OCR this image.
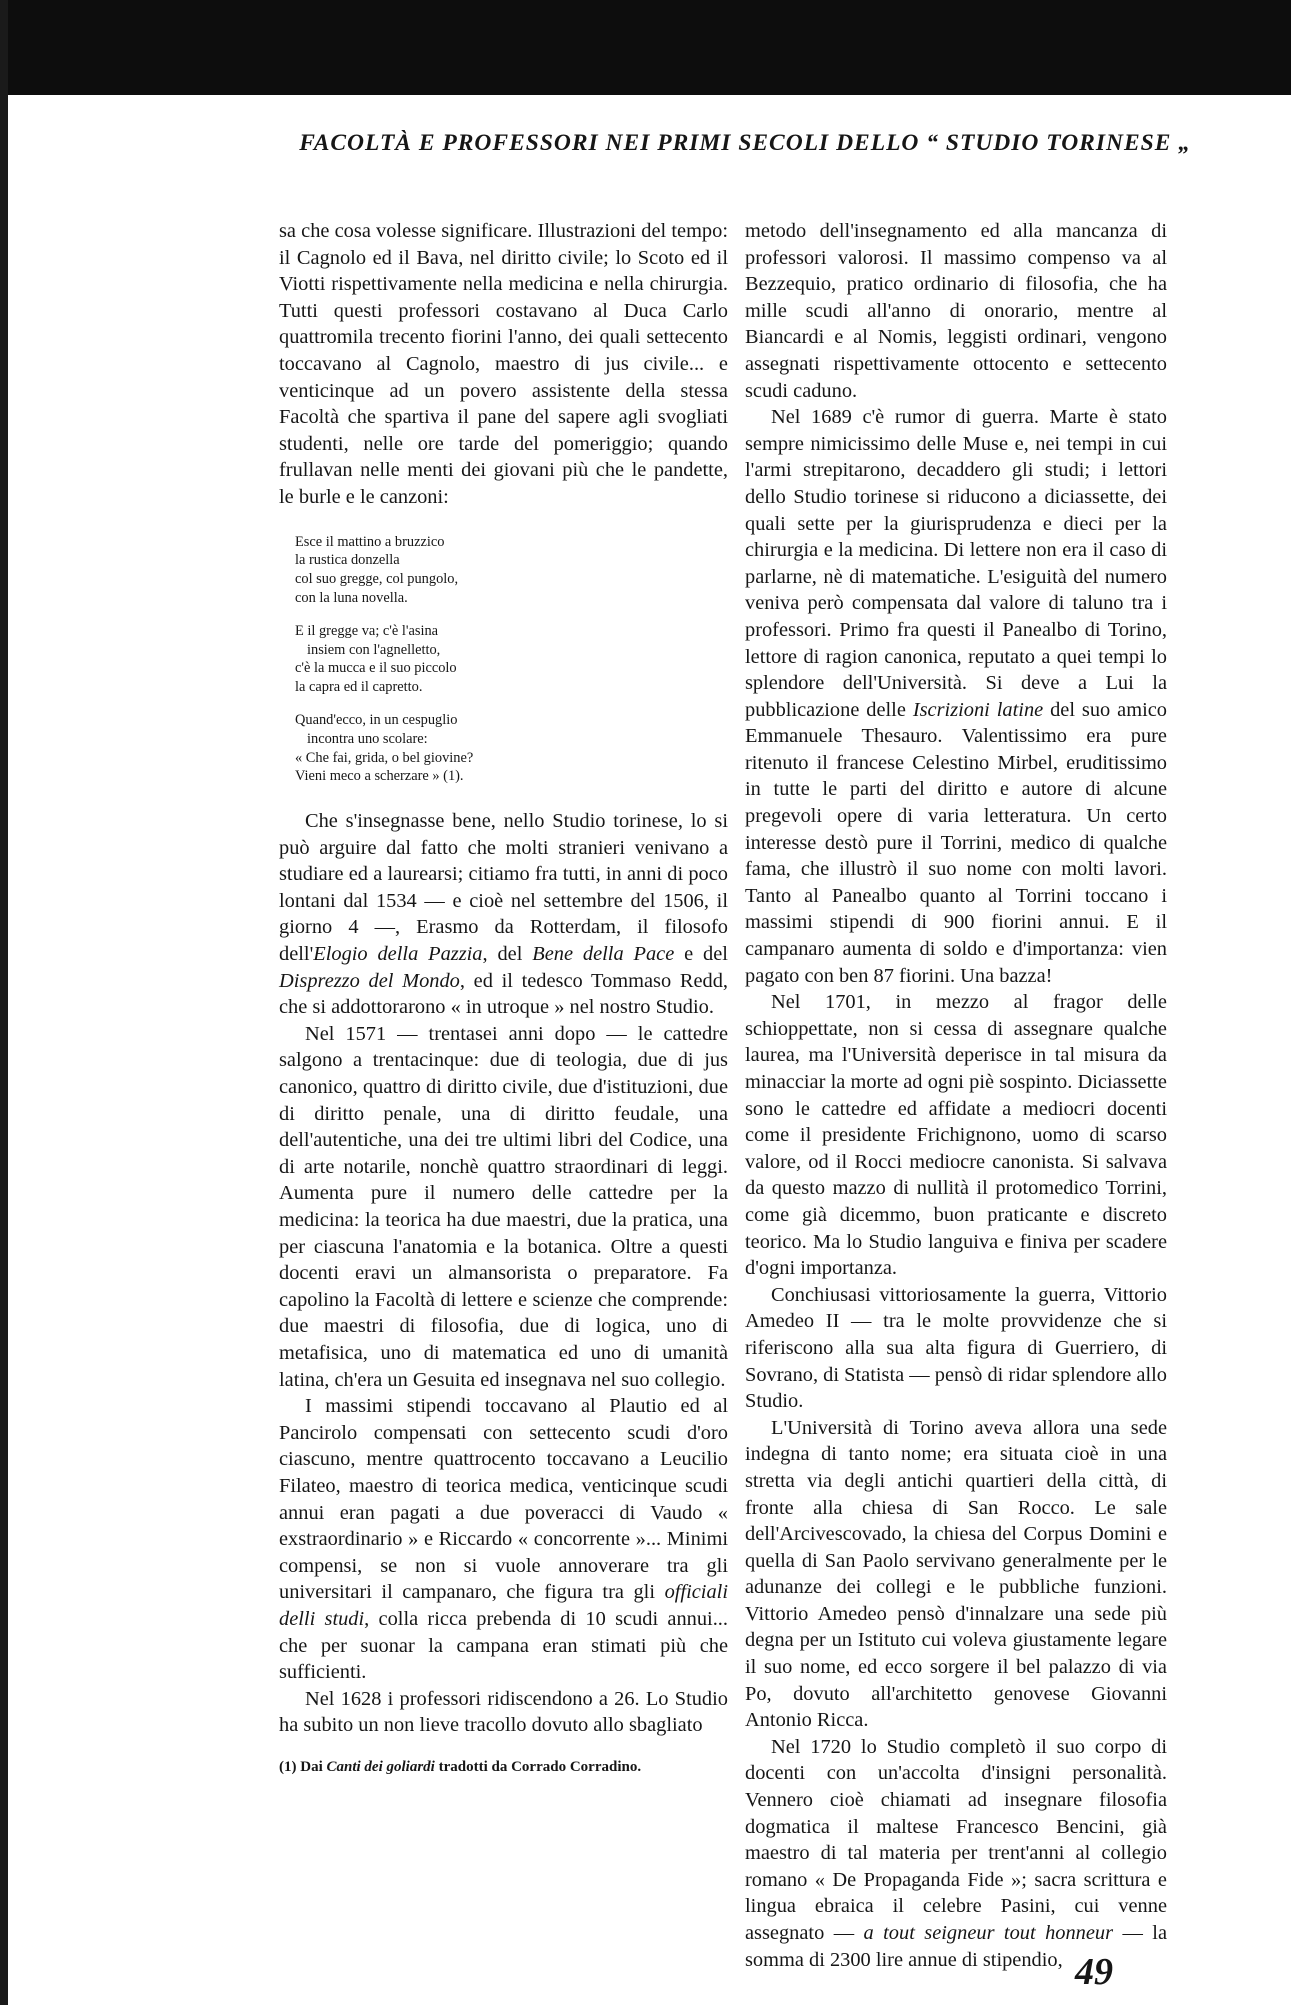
FACOLTÀ E PROFESSORI NEI PRIMI SECOLI DELLO “ STUDIO TORINESE „

sa che cosa volesse significare. Illustrazioni del tempo: il Cagnolo ed il Bava, nel diritto civile; lo Scoto ed il Viotti rispettivamente nella medicina e nella chirurgia. Tutti questi professori costavano al Duca Carlo quattromila trecento fiorini l'anno, dei quali settecento toccavano al Cagnolo, maestro di jus civile... e venticinque ad un povero assistente della stessa Facoltà che spartiva il pane del sapere agli svogliati studenti, nelle ore tarde del pomeriggio; quando frullavan nelle menti dei giovani più che le pandette, le burle e le canzoni:

Esce il mattino a bruzzico
la rustica donzella
col suo gregge, col pungolo,
con la luna novella.
E il gregge va; c'è l'asina
insiem con l'agnelletto,
c'è la mucca e il suo piccolo
la capra ed il capretto.
Quand'ecco, in un cespuglio
incontra uno scolare:
« Che fai, grida, o bel giovine?
Vieni meco a scherzare » (1).

Che s'insegnasse bene, nello Studio torinese, lo si può arguire dal fatto che molti stranieri venivano a studiare ed a laurearsi; citiamo fra tutti, in anni di poco lontani dal 1534 — e cioè nel settembre del 1506, il giorno 4 —, Erasmo da Rotterdam, il filosofo dell'Elogio della Pazzia, del Bene della Pace e del Disprezzo del Mondo, ed il tedesco Tommaso Redd, che si addottorarono « in utroque » nel nostro Studio.

Nel 1571 — trentasei anni dopo — le cattedre salgono a trentacinque: due di teologia, due di jus canonico, quattro di diritto civile, due d'istituzioni, due di diritto penale, una di diritto feudale, una dell'autentiche, una dei tre ultimi libri del Codice, una di arte notarile, nonchè quattro straordinari di leggi. Aumenta pure il numero delle cattedre per la medicina: la teorica ha due maestri, due la pratica, una per ciascuna l'anatomia e la botanica. Oltre a questi docenti eravi un almansorista o preparatore. Fa capolino la Facoltà di lettere e scienze che comprende: due maestri di filosofia, due di logica, uno di metafisica, uno di matematica ed uno di umanità latina, ch'era un Gesuita ed insegnava nel suo collegio.

I massimi stipendi toccavano al Plautio ed al Pancirolo compensati con settecento scudi d'oro ciascuno, mentre quattrocento toccavano a Leucilio Filateo, maestro di teorica medica, venticinque scudi annui eran pagati a due poveracci di Vaudo « exstraordinario » e Riccardo « concorrente »... Minimi compensi, se non si vuole annoverare tra gli universitari il campanaro, che figura tra gli officiali delli studi, colla ricca prebenda di 10 scudi annui... che per suonar la campana eran stimati più che sufficienti.

Nel 1628 i professori ridiscendono a 26. Lo Studio ha subito un non lieve tracollo dovuto allo sbagliato

(1) Dai Canti dei goliardi tradotti da Corrado Corradino.

metodo dell'insegnamento ed alla mancanza di professori valorosi. Il massimo compenso va al Bezzequio, pratico ordinario di filosofia, che ha mille scudi all'anno di onorario, mentre al Biancardi e al Nomis, leggisti ordinari, vengono assegnati rispettivamente ottocento e settecento scudi caduno.

Nel 1689 c'è rumor di guerra. Marte è stato sempre nimicissimo delle Muse e, nei tempi in cui l'armi strepitarono, decaddero gli studi; i lettori dello Studio torinese si riducono a diciassette, dei quali sette per la giurisprudenza e dieci per la chirurgia e la medicina. Di lettere non era il caso di parlarne, nè di matematiche. L'esiguità del numero veniva però compensata dal valore di taluno tra i professori. Primo fra questi il Panealbo di Torino, lettore di ragion canonica, reputato a quei tempi lo splendore dell'Università. Si deve a Lui la pubblicazione delle Iscrizioni latine del suo amico Emmanuele Thesauro. Valentissimo era pure ritenuto il francese Celestino Mirbel, eruditissimo in tutte le parti del diritto e autore di alcune pregevoli opere di varia letteratura. Un certo interesse destò pure il Torrini, medico di qualche fama, che illustrò il suo nome con molti lavori. Tanto al Panealbo quanto al Torrini toccano i massimi stipendi di 900 fiorini annui. E il campanaro aumenta di soldo e d'importanza: vien pagato con ben 87 fiorini. Una bazza!

Nel 1701, in mezzo al fragor delle schioppettate, non si cessa di assegnare qualche laurea, ma l'Università deperisce in tal misura da minacciar la morte ad ogni piè sospinto. Diciassette sono le cattedre ed affidate a mediocri docenti come il presidente Frichignono, uomo di scarso valore, od il Rocci mediocre canonista. Si salvava da questo mazzo di nullità il protomedico Torrini, come già dicemmo, buon praticante e discreto teorico. Ma lo Studio languiva e finiva per scadere d'ogni importanza.

Conchiusasi vittoriosamente la guerra, Vittorio Amedeo II — tra le molte provvidenze che si riferiscono alla sua alta figura di Guerriero, di Sovrano, di Statista — pensò di ridar splendore allo Studio.

L'Università di Torino aveva allora una sede indegna di tanto nome; era situata cioè in una stretta via degli antichi quartieri della città, di fronte alla chiesa di San Rocco. Le sale dell'Arcivescovado, la chiesa del Corpus Domini e quella di San Paolo servivano generalmente per le adunanze dei collegi e le pubbliche funzioni. Vittorio Amedeo pensò d'innalzare una sede più degna per un Istituto cui voleva giustamente legare il suo nome, ed ecco sorgere il bel palazzo di via Po, dovuto all'architetto genovese Giovanni Antonio Ricca.

Nel 1720 lo Studio completò il suo corpo di docenti con un'accolta d'insigni personalità. Vennero cioè chiamati ad insegnare filosofia dogmatica il maltese Francesco Bencini, già maestro di tal materia per trent'anni al collegio romano « De Propaganda Fide »; sacra scrittura e lingua ebraica il celebre Pasini, cui venne assegnato — a tout seigneur tout honneur — la somma di 2300 lire annue di stipendio, 49
